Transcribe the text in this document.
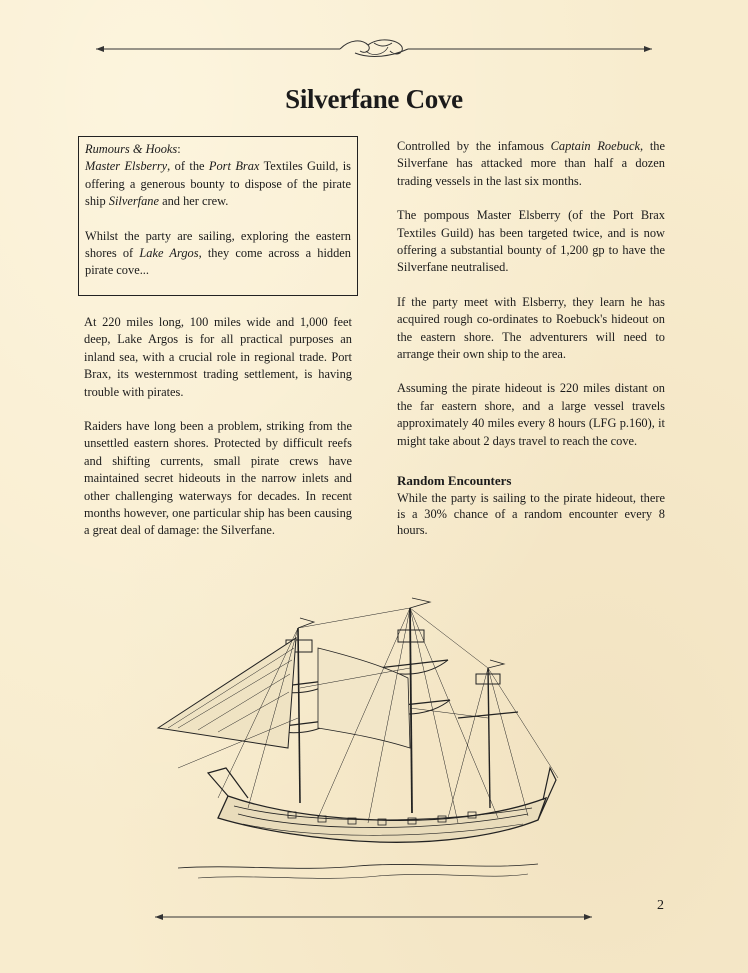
Silverfane Cove

Rumours & Hooks:
Master Elsberry, of the Port Brax Textiles Guild, is offering a generous bounty to dispose of the pirate ship Silverfane and her crew.

Whilst the party are sailing, exploring the eastern shores of Lake Argos, they come across a hidden pirate cove...

At 220 miles long, 100 miles wide and 1,000 feet deep, Lake Argos is for all practical purposes an inland sea, with a crucial role in regional trade. Port Brax, its westernmost trading settlement, is having trouble with pirates.

Raiders have long been a problem, striking from the unsettled eastern shores. Protected by difficult reefs and shifting currents, small pirate crews have maintained secret hideouts in the narrow inlets and other challenging waterways for decades. In recent months however, one particular ship has been causing a great deal of damage: the Silverfane.

Controlled by the infamous Captain Roebuck, the Silverfane has attacked more than half a dozen trading vessels in the last six months.

The pompous Master Elsberry (of the Port Brax Textiles Guild) has been targeted twice, and is now offering a substantial bounty of 1,200 gp to have the Silverfane neutralised.

If the party meet with Elsberry, they learn he has acquired rough co-ordinates to Roebuck's hideout on the eastern shore. The adventurers will need to arrange their own ship to the area.

Assuming the pirate hideout is 220 miles distant on the far eastern shore, and a large vessel travels approximately 40 miles every 8 hours (LFG p.160), it might take about 2 days travel to reach the cove.

Random Encounters

While the party is sailing to the pirate hideout, there is a 30% chance of a random encounter every 8 hours.

2
